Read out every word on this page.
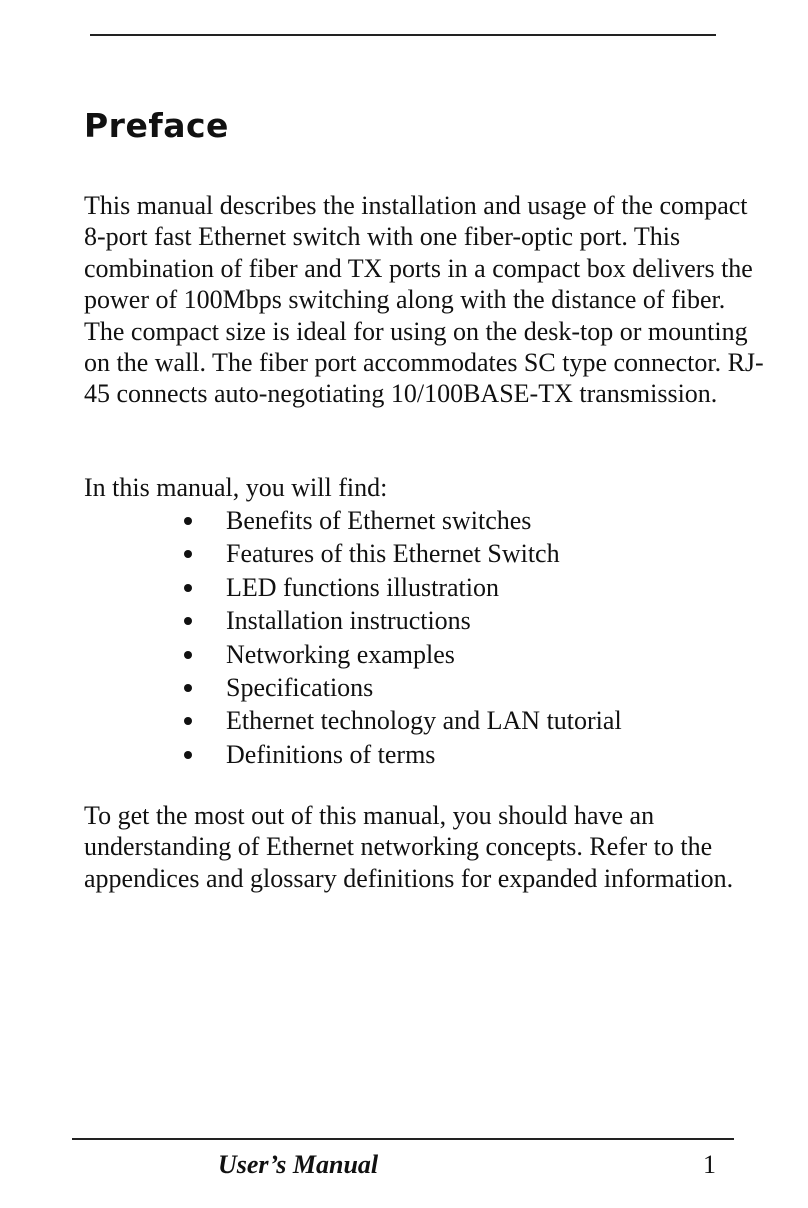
Preface

This manual describes the installation and usage of the compact 8-port fast Ethernet switch with one fiber-optic port. This combination of fiber and TX ports in a compact box delivers the power of 100Mbps switching along with the distance of fiber. The compact size is ideal for using on the desk-top or mounting on the wall. The fiber port accommodates SC type connector. RJ-45 connects auto-negotiating 10/100BASE-TX transmission.

In this manual, you will find:

Benefits of Ethernet switches
Features of this Ethernet Switch
LED functions illustration
Installation instructions
Networking examples
Specifications
Ethernet technology and LAN tutorial
Definitions of terms

To get the most out of this manual, you should have an understanding of Ethernet networking concepts. Refer to the appendices and glossary definitions for expanded information.

User’s Manual	1
